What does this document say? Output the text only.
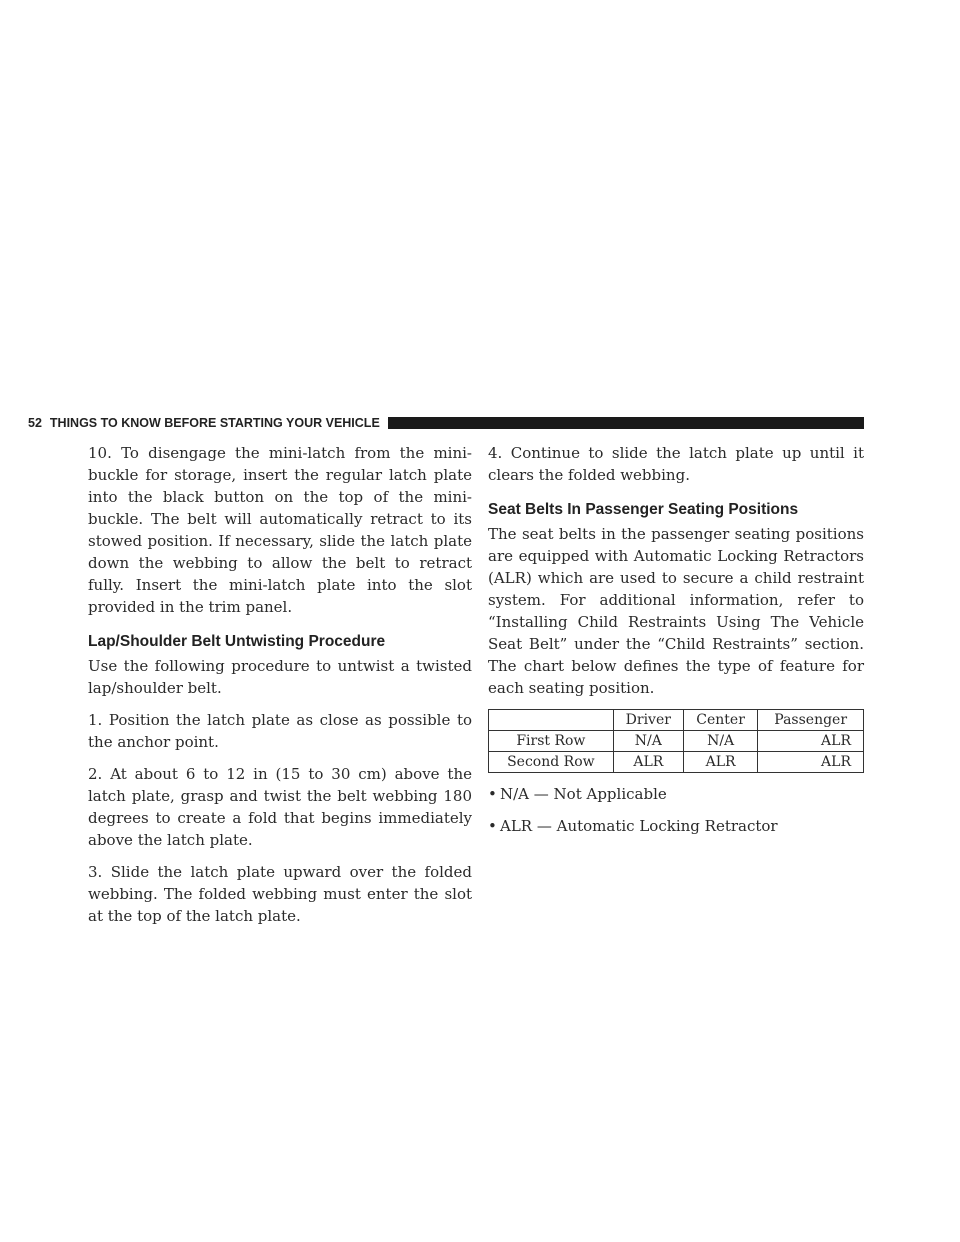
52 THINGS TO KNOW BEFORE STARTING YOUR VEHICLE

10. To disengage the mini-latch from the mini-buckle for storage, insert the regular latch plate into the black button on the top of the mini-buckle. The belt will automatically retract to its stowed position. If necessary, slide the latch plate down the webbing to allow the belt to retract fully. Insert the mini-latch plate into the slot provided in the trim panel.

Lap/Shoulder Belt Untwisting Procedure

Use the following procedure to untwist a twisted lap/shoulder belt.

1. Position the latch plate as close as possible to the anchor point.

2. At about 6 to 12 in (15 to 30 cm) above the latch plate, grasp and twist the belt webbing 180 degrees to create a fold that begins immediately above the latch plate.

3. Slide the latch plate upward over the folded webbing. The folded webbing must enter the slot at the top of the latch plate.

4. Continue to slide the latch plate up until it clears the folded webbing.

Seat Belts In Passenger Seating Positions

The seat belts in the passenger seating positions are equipped with Automatic Locking Retractors (ALR) which are used to secure a child restraint system. For additional information, refer to “Installing Child Restraints Using The Vehicle Seat Belt” under the “Child Restraints” section. The chart below defines the type of feature for each seating position.

	Driver	Center	Passenger
First Row	N/A	N/A	ALR
Second Row	ALR	ALR	ALR
• N/A — Not Applicable
• ALR — Automatic Locking Retractor
